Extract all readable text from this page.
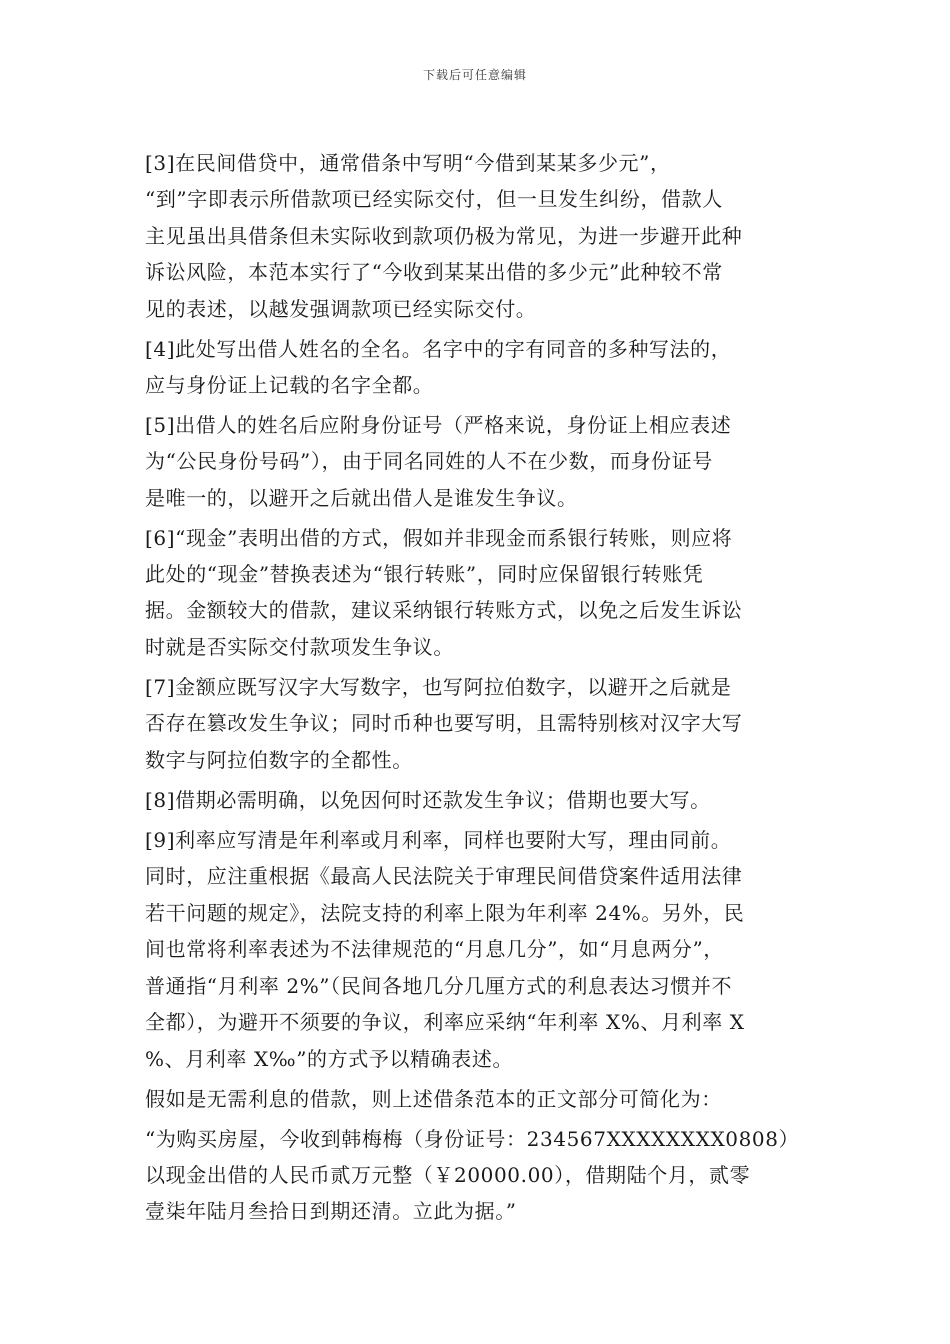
下载后可任意编辑

[3]在民间借贷中，通常借条中写明“今借到某某多少元”，

“到”字即表示所借款项已经实际交付，但一旦发生纠纷，借款人

主见虽出具借条但未实际收到款项仍极为常见，为进一步避开此种

诉讼风险，本范本实行了“今收到某某出借的多少元”此种较不常

见的表述，以越发强调款项已经实际交付。

[4]此处写出借人姓名的全名。名字中的字有同音的多种写法的，

应与身份证上记载的名字全都。

[5]出借人的姓名后应附身份证号（严格来说，身份证上相应表述

为“公民身份号码”），由于同名同姓的人不在少数，而身份证号

是唯一的，以避开之后就出借人是谁发生争议。

[6]“现金”表明出借的方式，假如并非现金而系银行转账，则应将

此处的“现金”替换表述为“银行转账”，同时应保留银行转账凭

据。金额较大的借款，建议采纳银行转账方式，以免之后发生诉讼

时就是否实际交付款项发生争议。

[7]金额应既写汉字大写数字，也写阿拉伯数字，以避开之后就是

否存在篡改发生争议；同时币种也要写明，且需特别核对汉字大写

数字与阿拉伯数字的全都性。

[8]借期必需明确，以免因何时还款发生争议；借期也要大写。

[9]利率应写清是年利率或月利率，同样也要附大写，理由同前。

同时，应注重根据《最高人民法院关于审理民间借贷案件适用法律

若干问题的规定》，法院支持的利率上限为年利率 24%。另外，民

间也常将利率表述为不法律规范的“月息几分”，如“月息两分”，

普通指“月利率 2%”（民间各地几分几厘方式的利息表达习惯并不

全都），为避开不须要的争议，利率应采纳“年利率 X%、月利率 X

%、月利率 X‰”的方式予以精确表述。

假如是无需利息的借款，则上述借条范本的正文部分可简化为：

“为购买房屋，今收到韩梅梅（身份证号：234567XXXXXXXX0808）

以现金出借的人民币贰万元整（￥20000.00），借期陆个月，贰零

壹柒年陆月叁拾日到期还清。立此为据。”
